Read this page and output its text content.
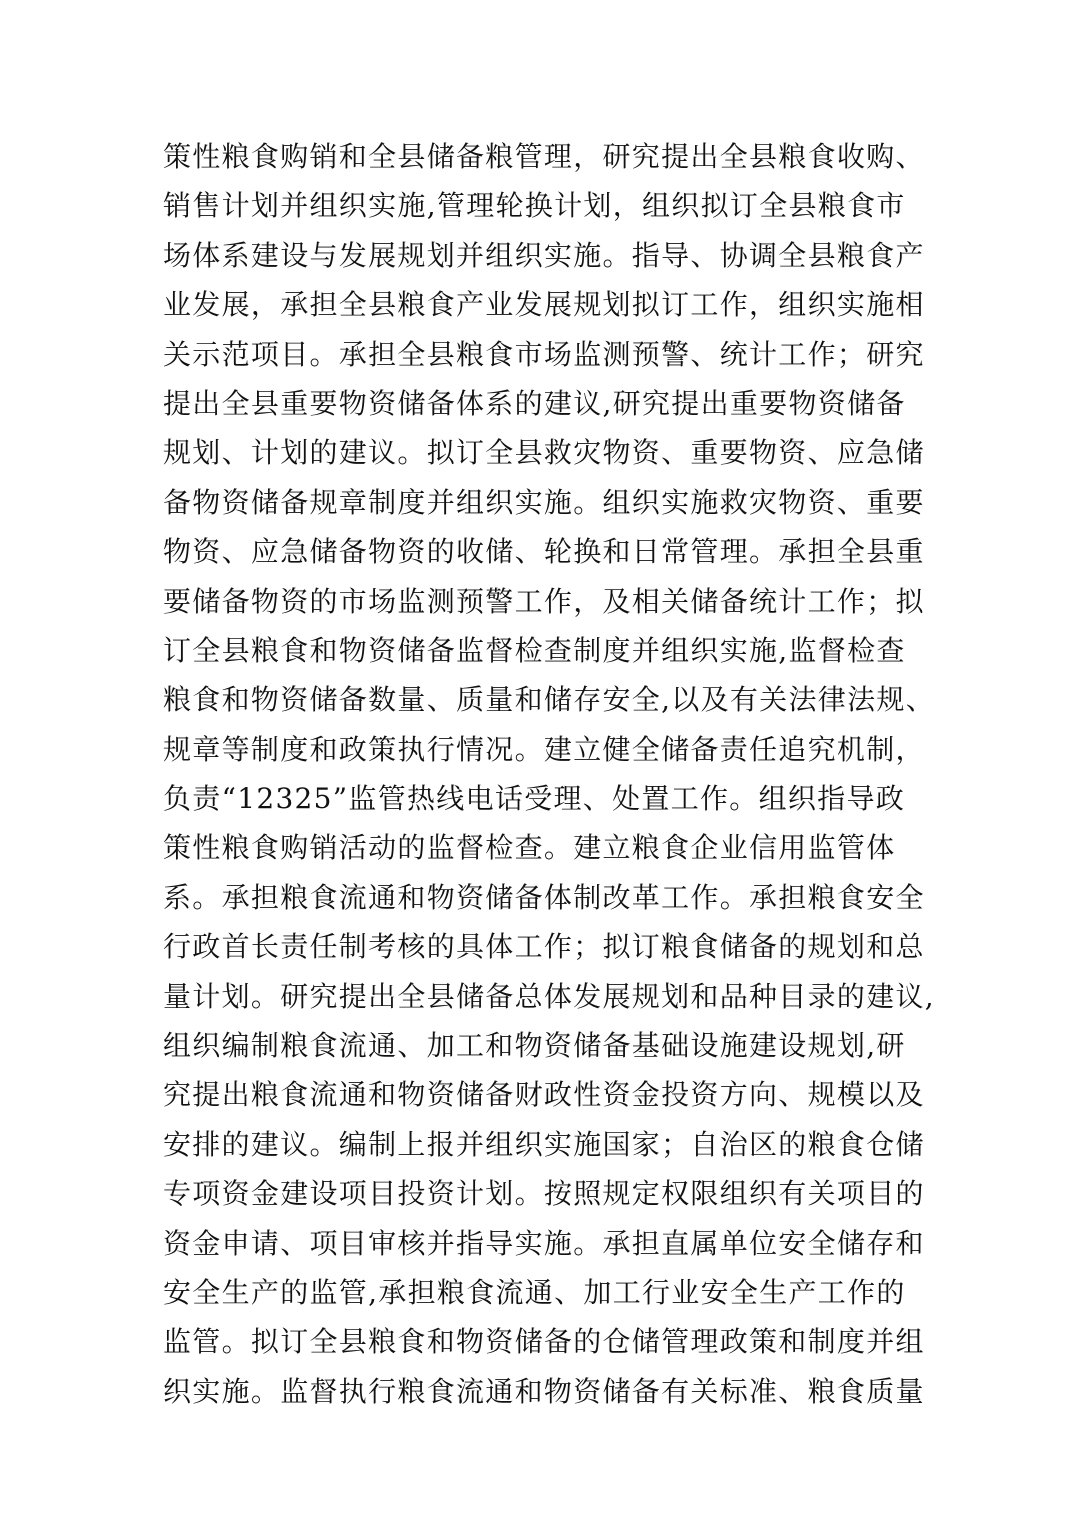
策性粮食购销和全县储备粮管理，研究提出全县粮食收购、
销售计划并组织实施,管理轮换计划，组织拟订全县粮食市
场体系建设与发展规划并组织实施。指导、协调全县粮食产
业发展，承担全县粮食产业发展规划拟订工作，组织实施相
关示范项目。承担全县粮食市场监测预警、统计工作；研究
提出全县重要物资储备体系的建议,研究提出重要物资储备
规划、计划的建议。拟订全县救灾物资、重要物资、应急储
备物资储备规章制度并组织实施。组织实施救灾物资、重要
物资、应急储备物资的收储、轮换和日常管理。承担全县重
要储备物资的市场监测预警工作，及相关储备统计工作；拟
订全县粮食和物资储备监督检查制度并组织实施,监督检查
粮食和物资储备数量、质量和储存安全,以及有关法律法规、
规章等制度和政策执行情况。建立健全储备责任追究机制，
负责“12325”监管热线电话受理、处置工作。组织指导政
策性粮食购销活动的监督检查。建立粮食企业信用监管体
系。承担粮食流通和物资储备体制改革工作。承担粮食安全
行政首长责任制考核的具体工作；拟订粮食储备的规划和总
量计划。研究提出全县储备总体发展规划和品种目录的建议,
组织编制粮食流通、加工和物资储备基础设施建设规划,研
究提出粮食流通和物资储备财政性资金投资方向、规模以及
安排的建议。编制上报并组织实施国家；自治区的粮食仓储
专项资金建设项目投资计划。按照规定权限组织有关项目的
资金申请、项目审核并指导实施。承担直属单位安全储存和
安全生产的监管,承担粮食流通、加工行业安全生产工作的
监管。拟订全县粮食和物资储备的仓储管理政策和制度并组
织实施。监督执行粮食流通和物资储备有关标准、粮食质量
